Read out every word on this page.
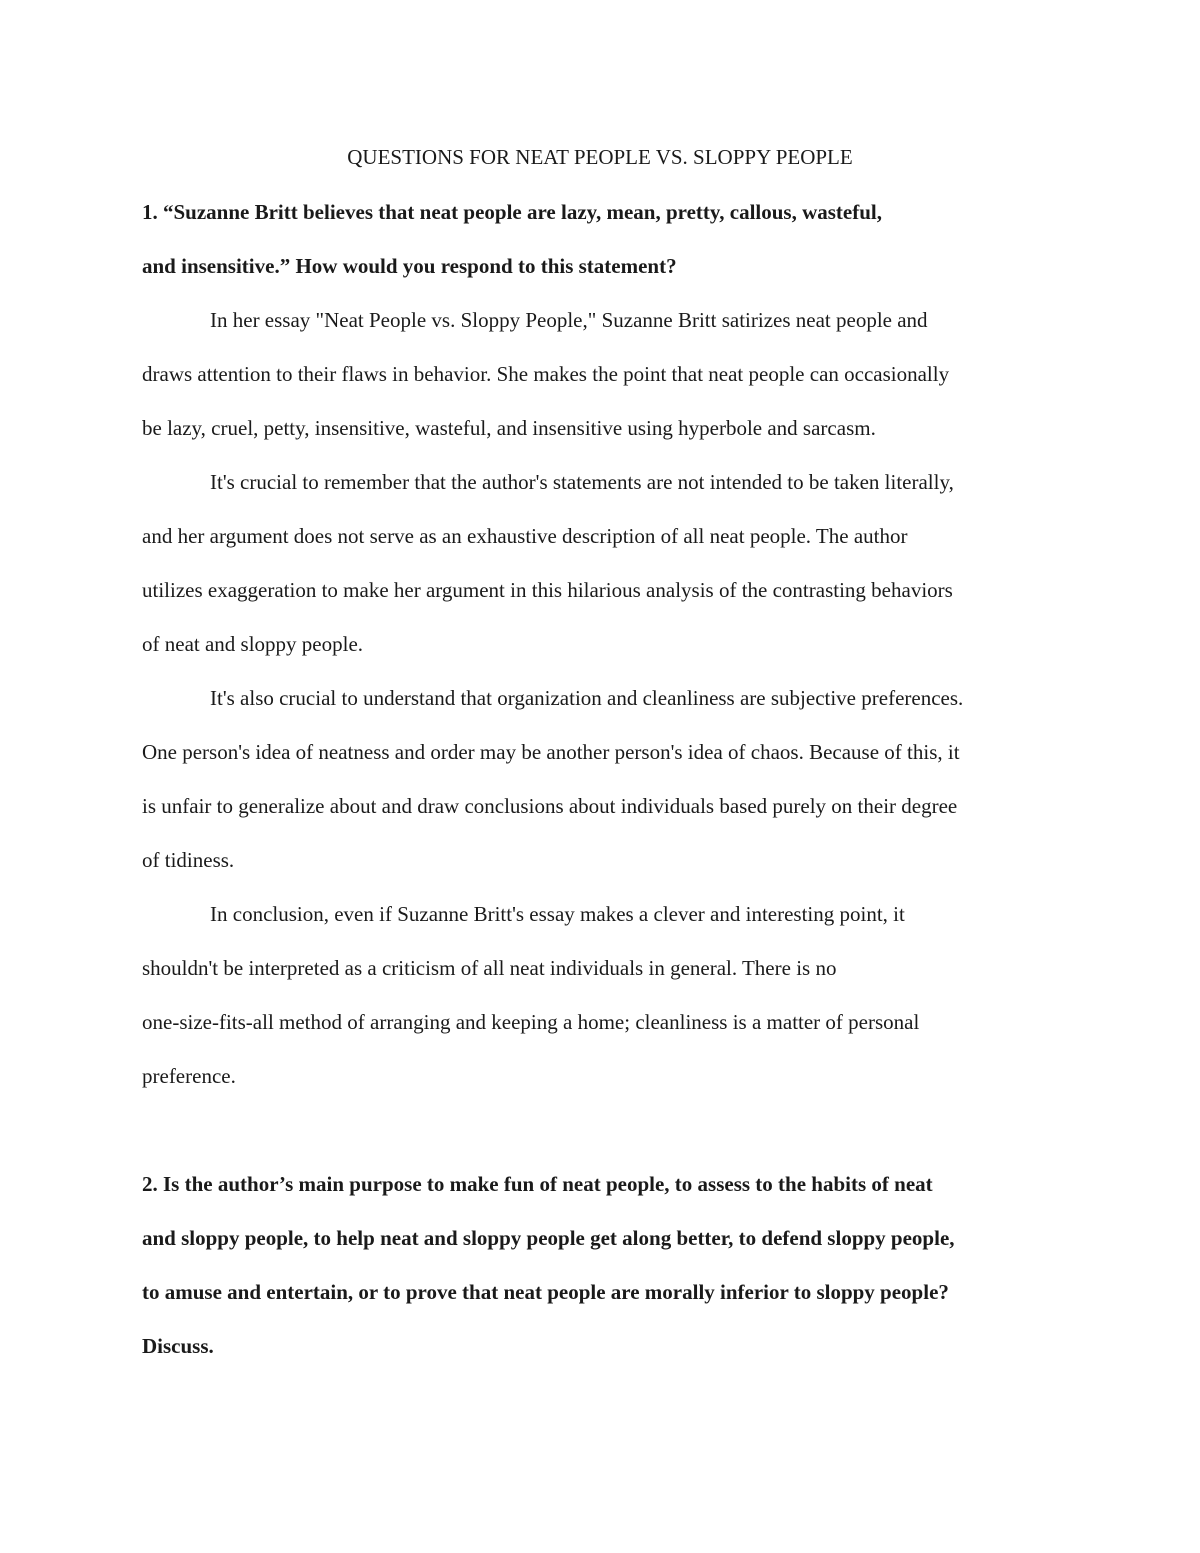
QUESTIONS FOR NEAT PEOPLE VS. SLOPPY PEOPLE

1. “Suzanne Britt believes that neat people are lazy, mean, pretty, callous, wasteful,

and insensitive.” How would you respond to this statement?

In her essay "Neat People vs. Sloppy People," Suzanne Britt satirizes neat people and

draws attention to their flaws in behavior. She makes the point that neat people can occasionally

be lazy, cruel, petty, insensitive, wasteful, and insensitive using hyperbole and sarcasm.

It's crucial to remember that the author's statements are not intended to be taken literally,

and her argument does not serve as an exhaustive description of all neat people. The author

utilizes exaggeration to make her argument in this hilarious analysis of the contrasting behaviors

of neat and sloppy people.

It's also crucial to understand that organization and cleanliness are subjective preferences.

One person's idea of neatness and order may be another person's idea of chaos. Because of this, it

is unfair to generalize about and draw conclusions about individuals based purely on their degree

of tidiness.

In conclusion, even if Suzanne Britt's essay makes a clever and interesting point, it

shouldn't be interpreted as a criticism of all neat individuals in general. There is no

one-size-fits-all method of arranging and keeping a home; cleanliness is a matter of personal

preference.

2. Is the author’s main purpose to make fun of neat people, to assess to the habits of neat

and sloppy people, to help neat and sloppy people get along better, to defend sloppy people,

to amuse and entertain, or to prove that neat people are morally inferior to sloppy people?

Discuss.
